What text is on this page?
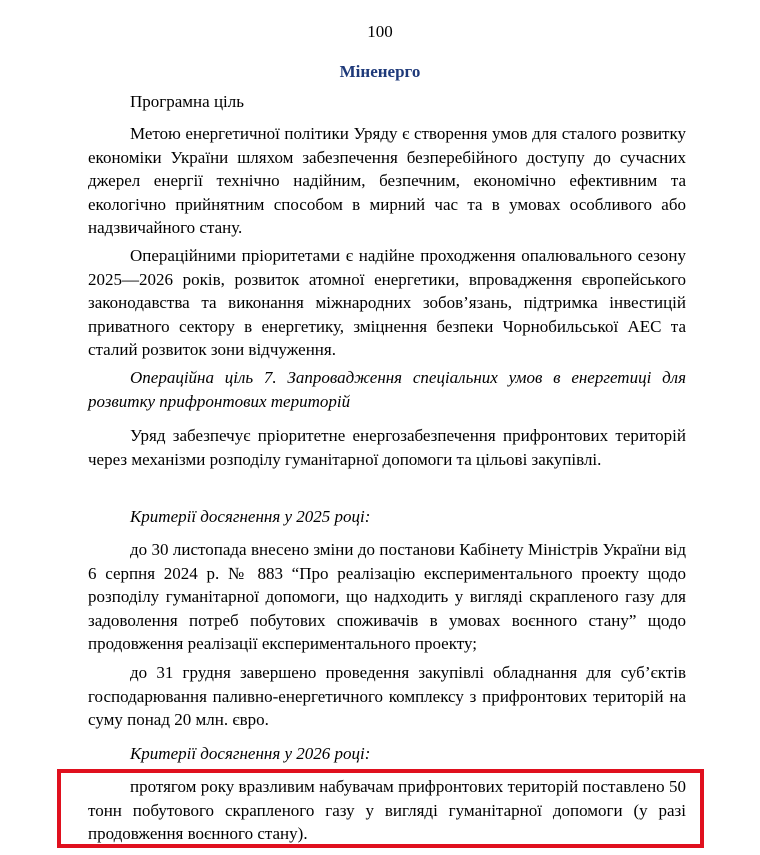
100
Міненерго
Програмна ціль

Метою енергетичної політики Уряду є створення умов для сталого розвитку економіки України шляхом забезпечення безперебійного доступу до сучасних джерел енергії технічно надійним, безпечним, економічно ефективним та екологічно прийнятним способом в мирний час та в умовах особливого або надзвичайного стану.

Операційними пріоритетами є надійне проходження опалювального сезону 2025—2026 років, розвиток атомної енергетики, впровадження європейського законодавства та виконання міжнародних зобов’язань, підтримка інвестицій приватного сектору в енергетику, зміцнення безпеки Чорнобильської АЕС та сталий розвиток зони відчуження.

Операційна ціль 7. Запровадження спеціальних умов в енергетиці для розвитку прифронтових територій

Уряд забезпечує пріоритетне енергозабезпечення прифронтових територій через механізми розподілу гуманітарної допомоги та цільові закупівлі.

Критерії досягнення у 2025 році:

до 30 листопада внесено зміни до постанови Кабінету Міністрів України від 6 серпня 2024 р. № 883 “Про реалізацію експериментального проекту щодо розподілу гуманітарної допомоги, що надходить у вигляді скрапленого газу для задоволення потреб побутових споживачів в умовах воєнного стану” щодо продовження реалізації експериментального проекту;

до 31 грудня завершено проведення закупівлі обладнання для суб’єктів господарювання паливно-енергетичного комплексу з прифронтових територій на суму понад 20 млн. євро.

Критерії досягнення у 2026 році:

протягом року вразливим набувачам прифронтових територій поставлено 50 тонн побутового скрапленого газу у вигляді гуманітарної допомоги (у разі продовження воєнного стану).
